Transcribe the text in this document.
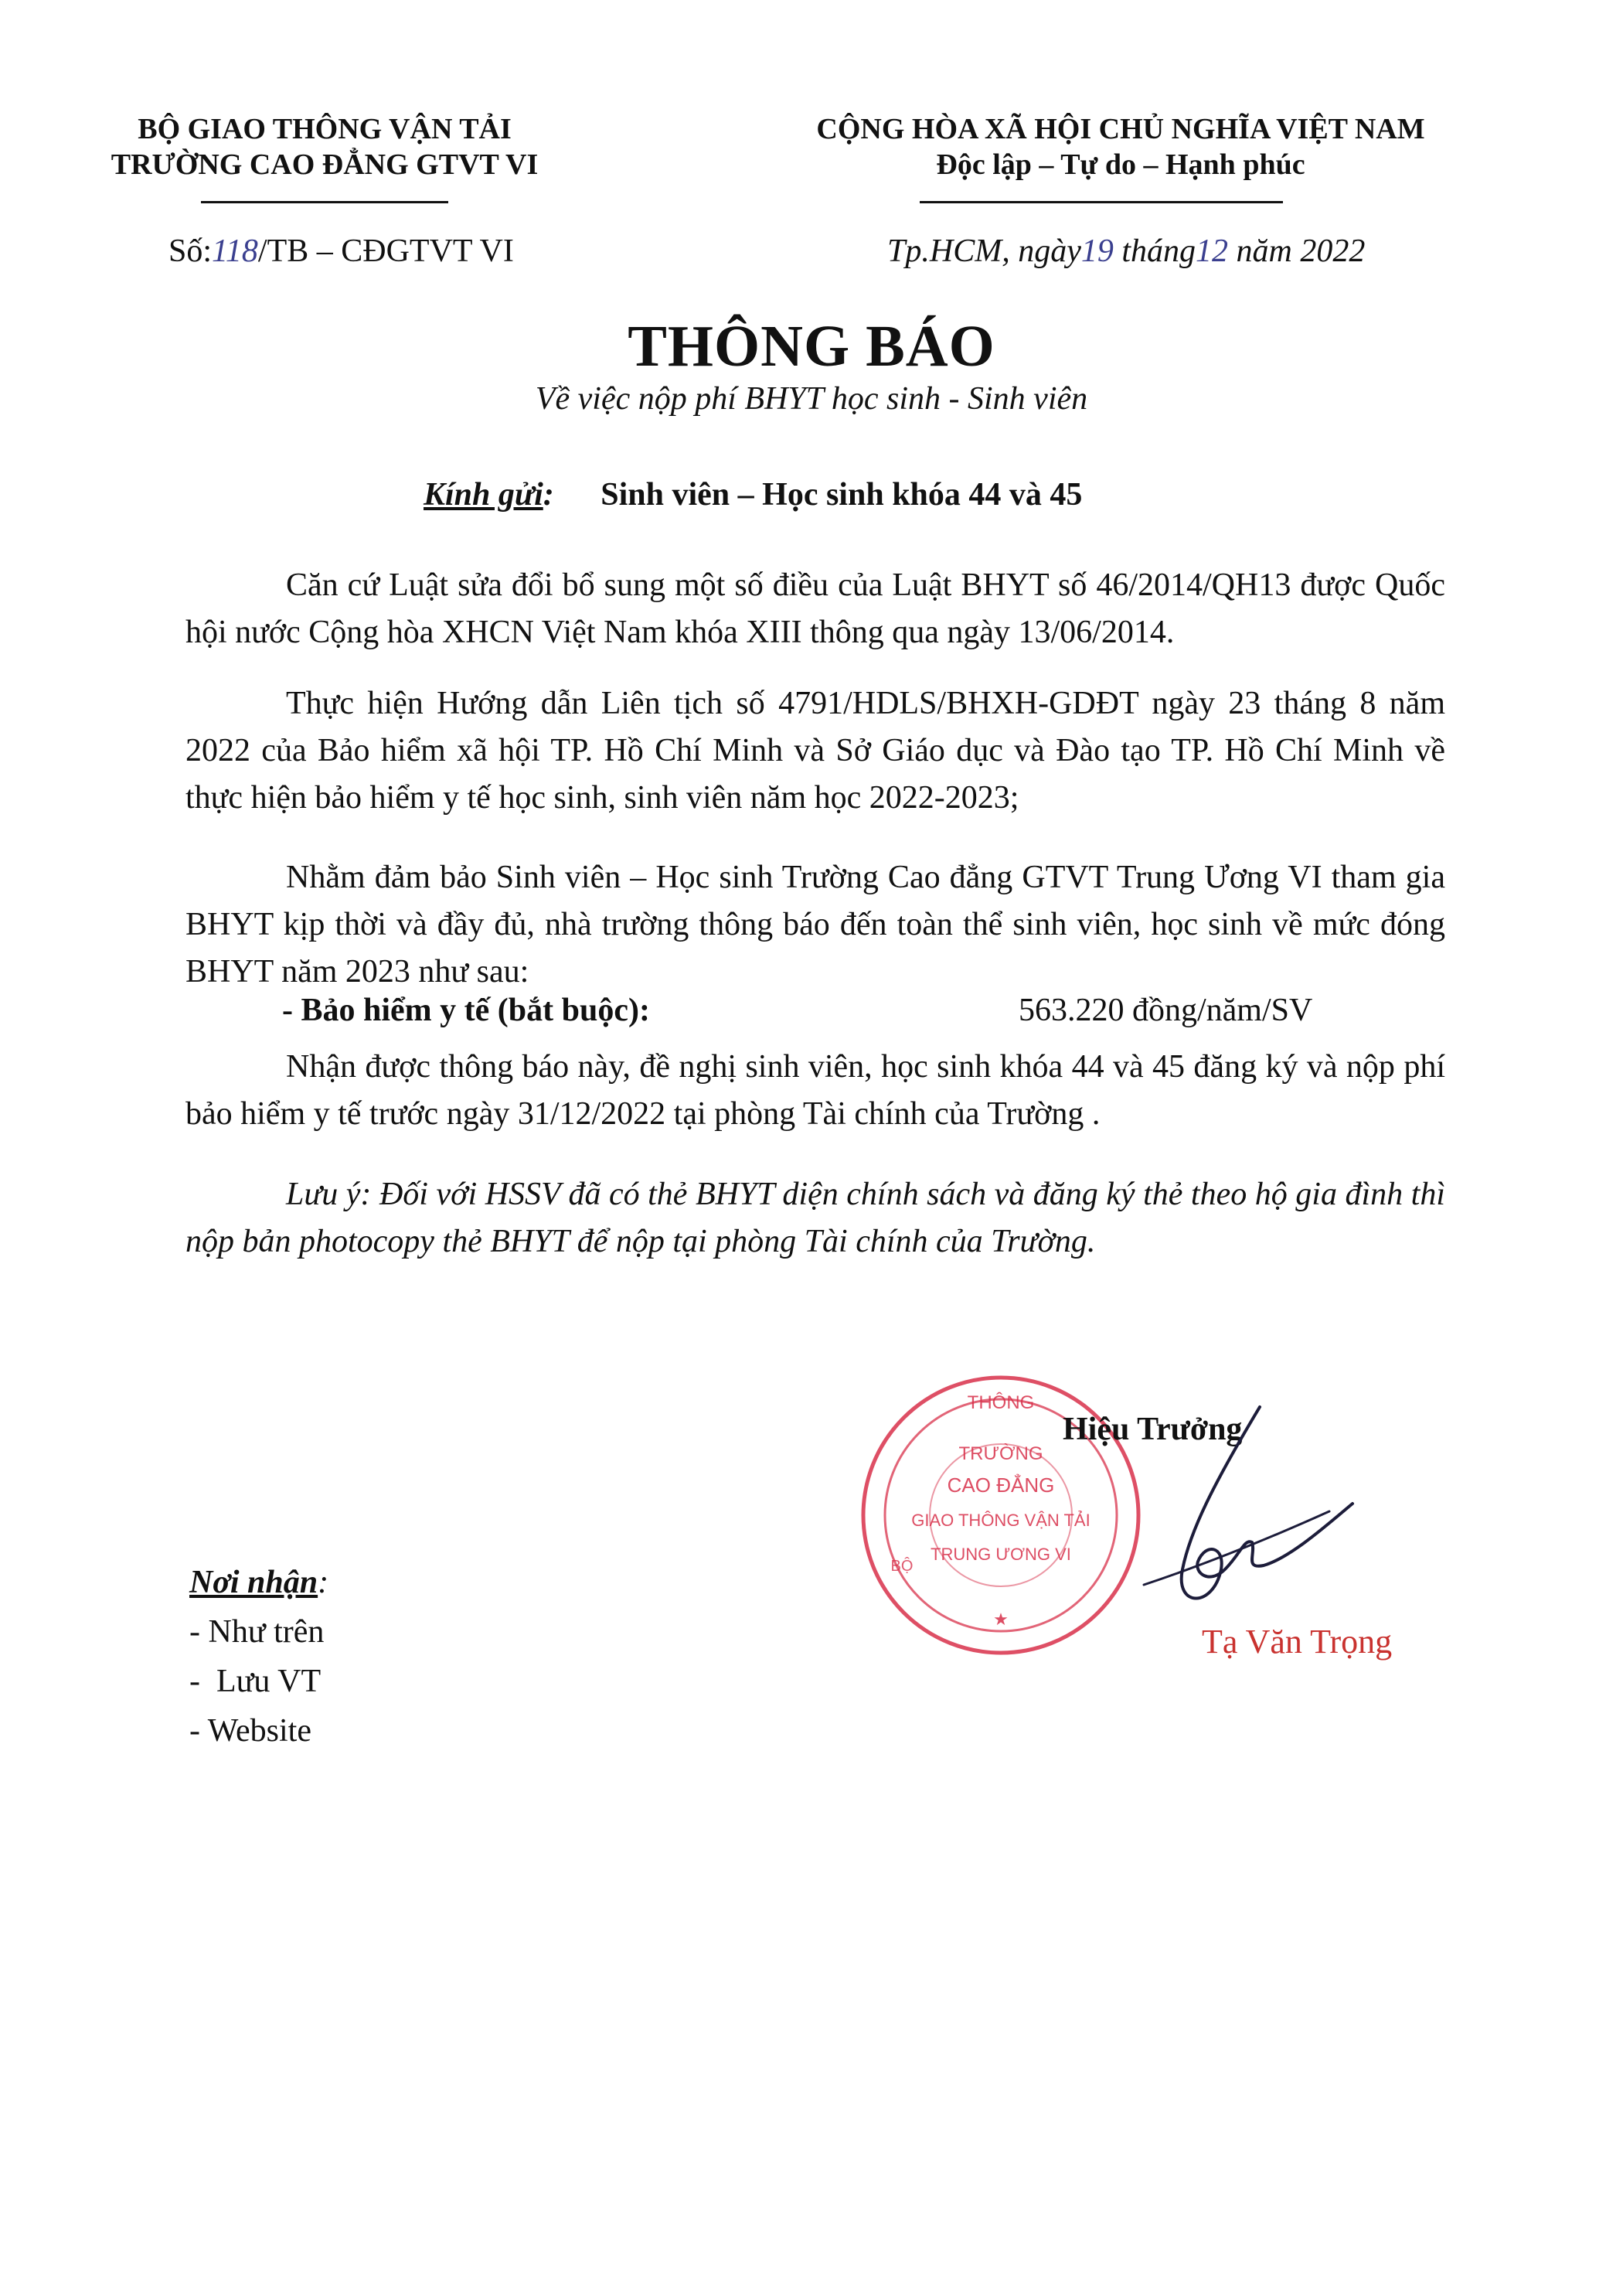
BỘ GIAO THÔNG VẬN TẢI
TRƯỜNG CAO ĐẲNG GTVT VI
Số:118/TB – CĐGTVT VI
CỘNG HÒA XÃ HỘI CHỦ NGHĨA VIỆT NAM
Độc lập – Tự do – Hạnh phúc
Tp.HCM, ngày19 tháng12 năm 2022
THÔNG BÁO
Về việc nộp phí BHYT học sinh - Sinh viên
Kính gửi: Sinh viên – Học sinh khóa 44 và 45
Căn cứ Luật sửa đổi bổ sung một số điều của Luật BHYT số 46/2014/QH13 được Quốc hội nước Cộng hòa XHCN Việt Nam khóa XIII thông qua ngày 13/06/2014.
Thực hiện Hướng dẫn Liên tịch số 4791/HDLS/BHXH-GDĐT ngày 23 tháng 8 năm 2022 của Bảo hiểm xã hội TP. Hồ Chí Minh và Sở Giáo dục và Đào tạo TP. Hồ Chí Minh về thực hiện bảo hiểm y tế học sinh, sinh viên năm học 2022-2023;
Nhằm đảm bảo Sinh viên – Học sinh Trường Cao đẳng GTVT Trung Ương VI tham gia BHYT kịp thời và đầy đủ, nhà trường thông báo đến toàn thể sinh viên, học sinh về mức đóng BHYT năm 2023 như sau:
- Bảo hiểm y tế (bắt buộc):	563.220 đồng/năm/SV
Nhận được thông báo này, đề nghị sinh viên, học sinh khóa 44 và 45 đăng ký và nộp phí bảo hiểm y tế trước ngày 31/12/2022 tại phòng Tài chính của Trường .
Lưu ý: Đối với HSSV đã có thẻ BHYT diện chính sách và đăng ký thẻ theo hộ gia đình thì nộp bản photocopy thẻ BHYT để nộp tại phòng Tài chính của Trường.
THÔNG
TRƯỜNG
CAO ĐẲNG
GIAO THÔNG VẬN TẢI
TRUNG ƯƠNG VI
BỘ
★
Hiệu Trưởng
Tạ Văn Trọng
Nơi nhận:
- Như trên
-  Lưu VT
- Website
